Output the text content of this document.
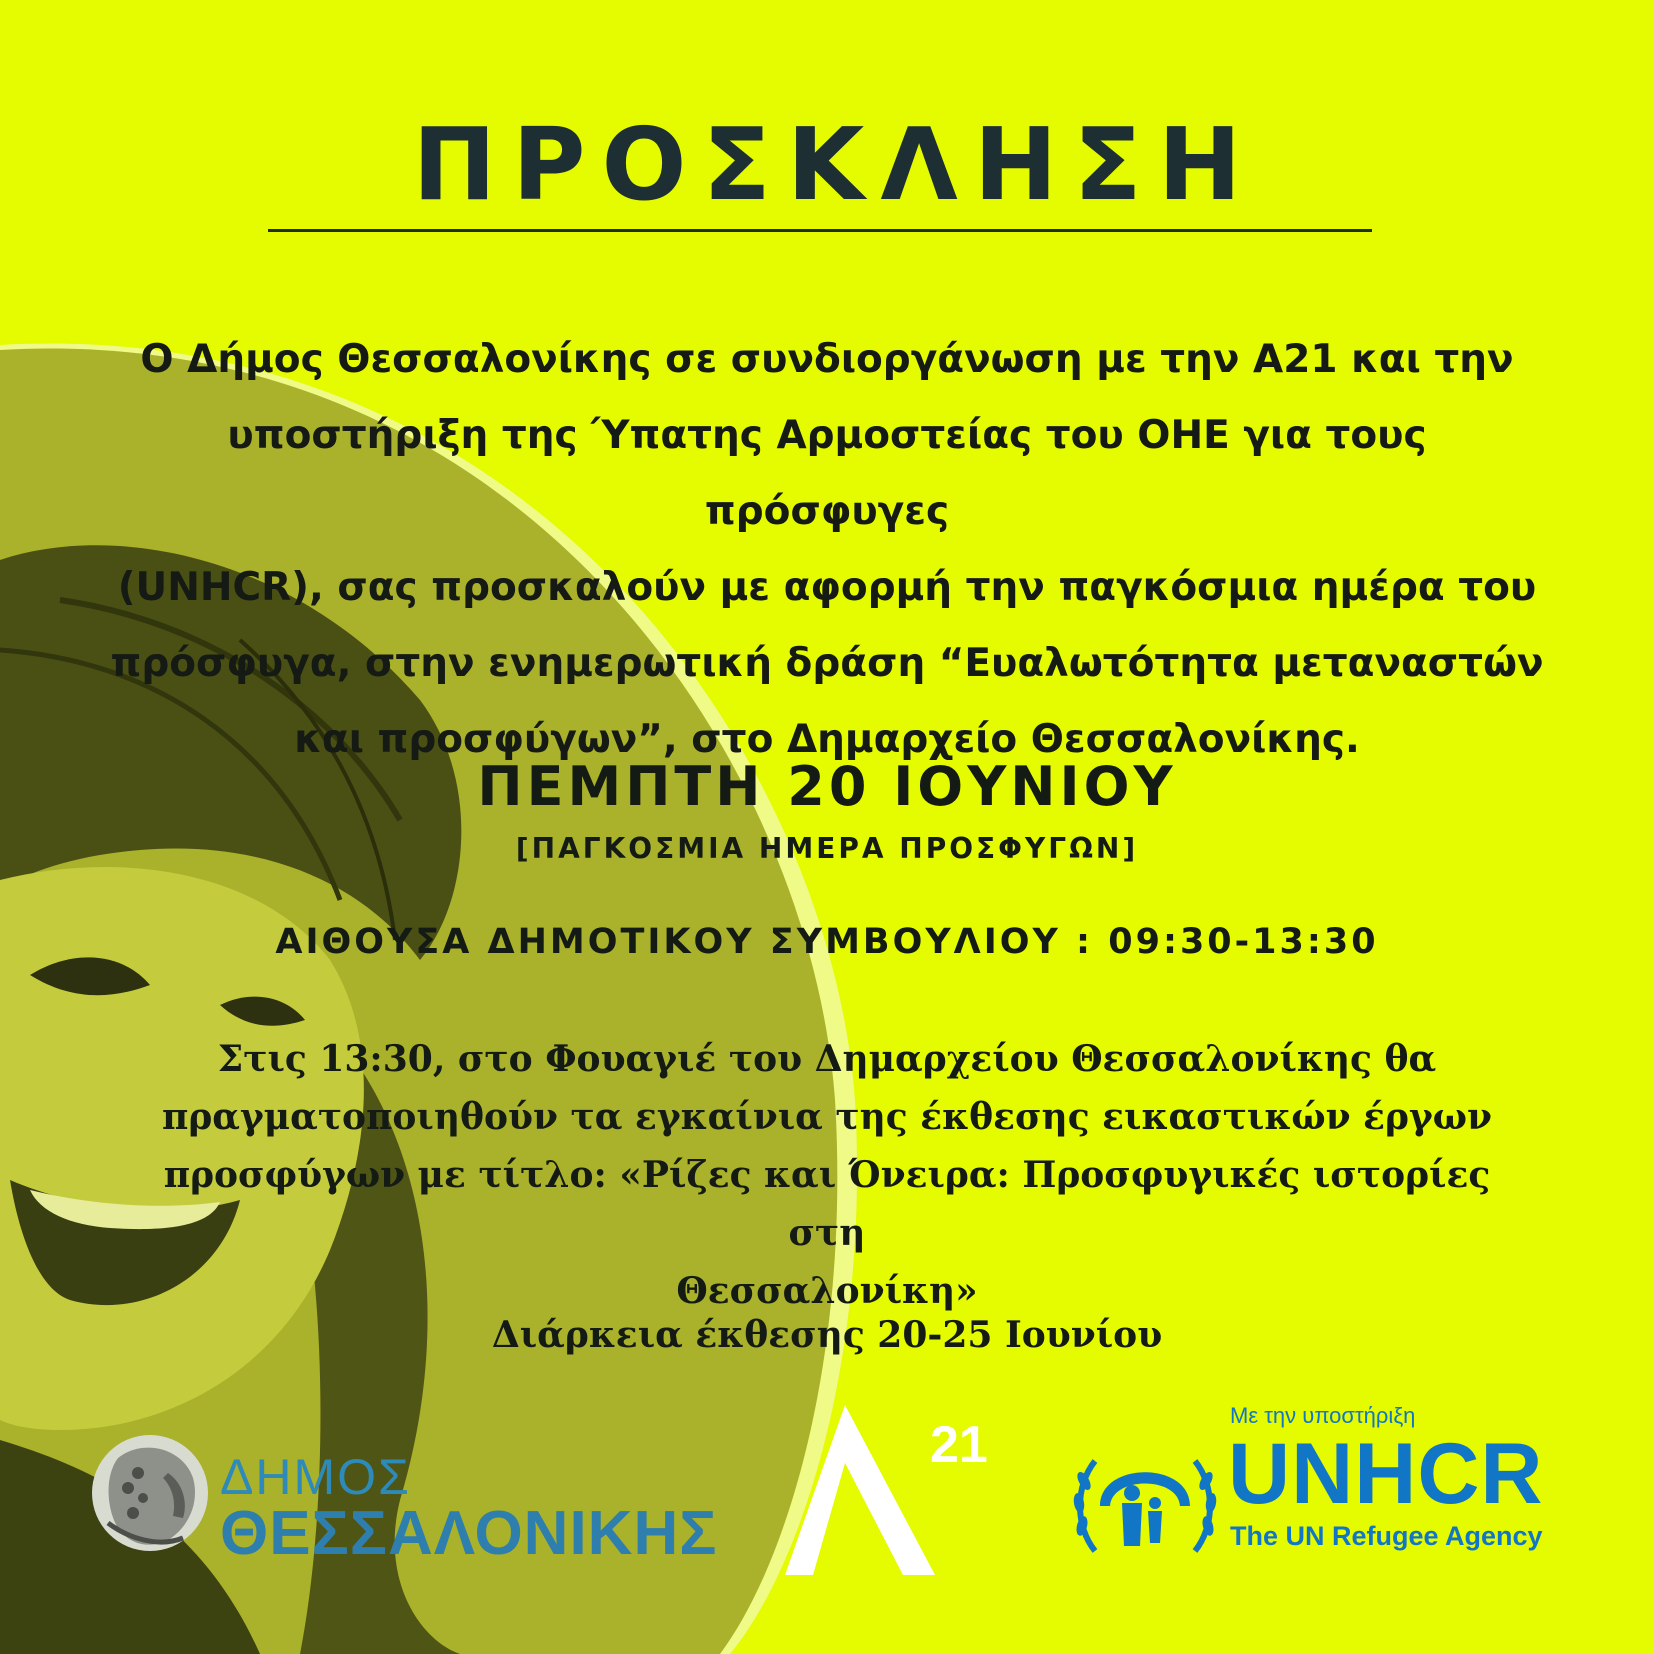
ΠΡΟΣΚΛΗΣΗ
Ο Δήμος Θεσσαλονίκης σε συνδιοργάνωση με την Α21 και την
υποστήριξη της Ύπατης Αρμοστείας του ΟΗΕ για τους πρόσφυγες
(UNHCR), σας προσκαλούν με αφορμή την παγκόσμια ημέρα του
πρόσφυγα, στην ενημερωτική δράση “Ευαλωτότητα μεταναστών
και προσφύγων”, στο Δημαρχείο Θεσσαλονίκης.
ΠΕΜΠΤΗ 20 ΙΟΥΝΙΟΥ
[ΠΑΓΚΟΣΜΙΑ ΗΜΕΡΑ ΠΡΟΣΦΥΓΩΝ]
ΑΙΘΟΥΣΑ ΔΗΜΟΤΙΚΟΥ ΣΥΜΒΟΥΛΙΟΥ : 09:30-13:30
Στις 13:30, στο Φουαγιέ του Δημαρχείου Θεσσαλονίκης θα
πραγματοποιηθούν τα εγκαίνια της έκθεσης εικαστικών έργων
προσφύγων με τίτλο: «Ρίζες και Όνειρα: Προσφυγικές ιστορίες στη
Θεσσαλονίκη»
Διάρκεια έκθεσης 20-25 Ιουνίου
ΔΗΜΟΣ
ΘΕΣΣΑΛΟΝΙΚΗΣ
21
Με την υποστήριξη
UNHCR
The UN Refugee Agency
